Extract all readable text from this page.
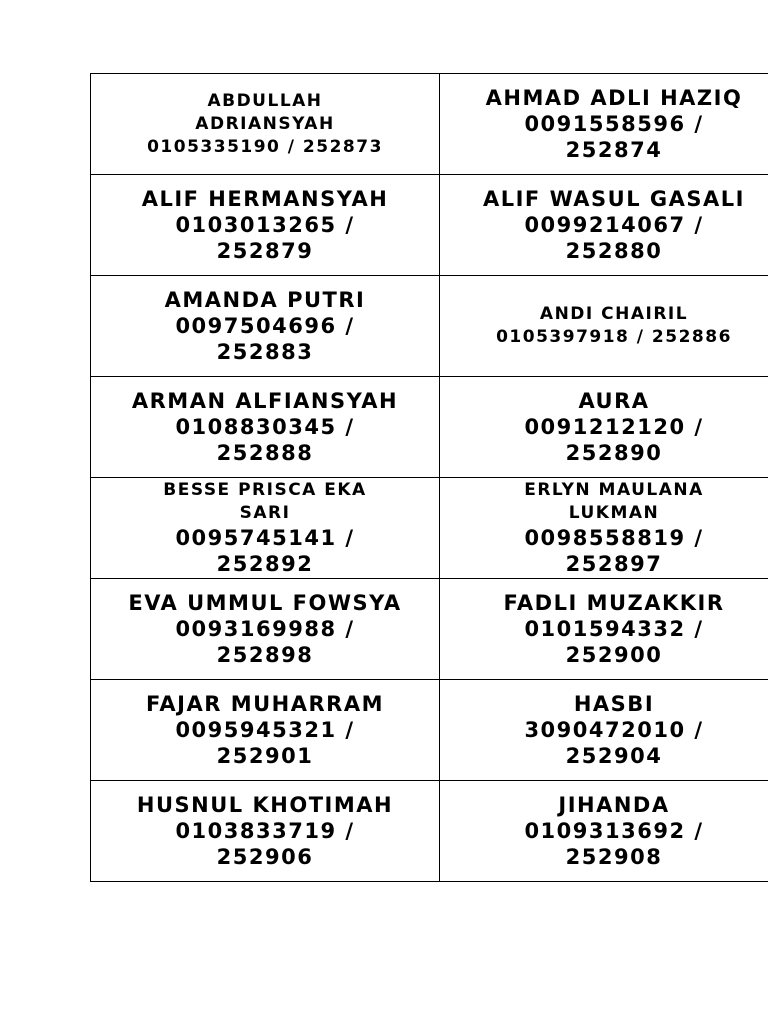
ABDULLAH
ADRIANSYAH
0105335190 / 252873
AHMAD ADLI HAZIQ
0091558596 /
252874
ALIF HERMANSYAH
0103013265 /
252879
ALIF WASUL GASALI
0099214067 /
252880
AMANDA PUTRI
0097504696 /
252883
ANDI CHAIRIL
0105397918 / 252886
ARMAN ALFIANSYAH
0108830345 /
252888
AURA
0091212120 /
252890
BESSE PRISCA EKA
SARI
0095745141 /
252892
ERLYN MAULANA
LUKMAN
0098558819 /
252897
EVA UMMUL FOWSYA
0093169988 /
252898
FADLI MUZAKKIR
0101594332 /
252900
FAJAR MUHARRAM
0095945321 /
252901
HASBI
3090472010 /
252904
HUSNUL KHOTIMAH
0103833719 /
252906
JIHANDA
0109313692 /
252908
